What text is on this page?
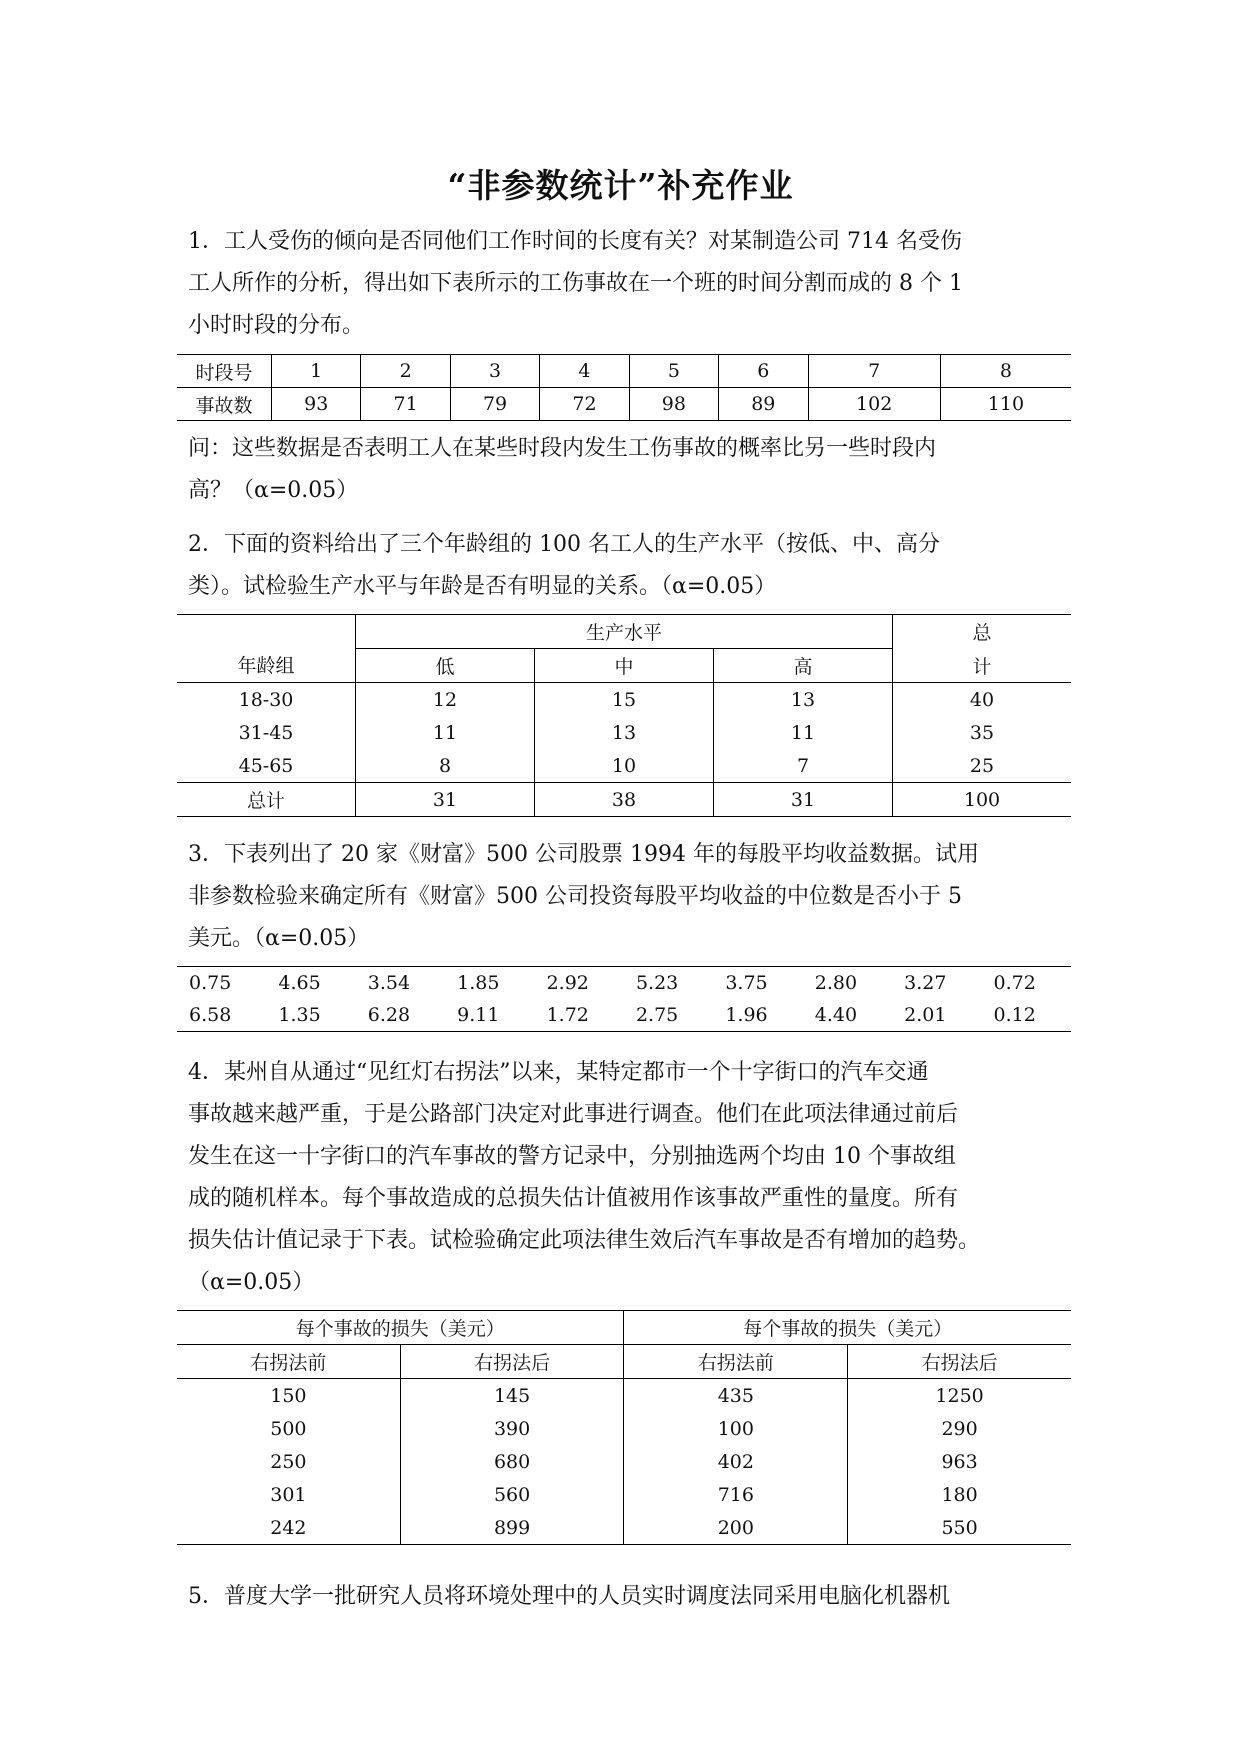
“非参数统计”补充作业
1．工人受伤的倾向是否同他们工作时间的长度有关？对某制造公司 714 名受伤
工人所作的分析，得出如下表所示的工伤事故在一个班的时间分割而成的 8 个 1
小时时段的分布。
时段号	1	2	3	4	5	6	7	8
事故数	93	71	79	72	98	89	102	110
问：这些数据是否表明工人在某些时段内发生工伤事故的概率比另一些时段内
高？（α=0.05）
2．下面的资料给出了三个年龄组的 100 名工人的生产水平（按低、中、高分
类）。试检验生产水平与年龄是否有明显的关系。（α=0.05）
年龄组	生产水平			总
	低	中	高	计
18-30	12	15	13	40
31-45	11	13	11	35
45-65	8	10	7	25
总计	31	38	31	100
3．下表列出了 20 家《财富》500 公司股票 1994 年的每股平均收益数据。试用
非参数检验来确定所有《财富》500 公司投资每股平均收益的中位数是否小于 5
美元。（α=0.05）
0.75	4.65	3.54	1.85	2.92	5.23	3.75	2.80	3.27	0.72
6.58	1.35	6.28	9.11	1.72	2.75	1.96	4.40	2.01	0.12
4．某州自从通过“见红灯右拐法”以来，某特定都市一个十字街口的汽车交通
事故越来越严重，于是公路部门决定对此事进行调查。他们在此项法律通过前后
发生在这一十字街口的汽车事故的警方记录中，分别抽选两个均由 10 个事故组
成的随机样本。每个事故造成的总损失估计值被用作该事故严重性的量度。所有
损失估计值记录于下表。试检验确定此项法律生效后汽车事故是否有增加的趋势。
（α=0.05）
每个事故的损失（美元）		每个事故的损失（美元）	
右拐法前	右拐法后	右拐法前	右拐法后
150	145	435	1250
500	390	100	290
250	680	402	963
301	560	716	180
242	899	200	550
5．普度大学一批研究人员将环境处理中的人员实时调度法同采用电脑化机器机
